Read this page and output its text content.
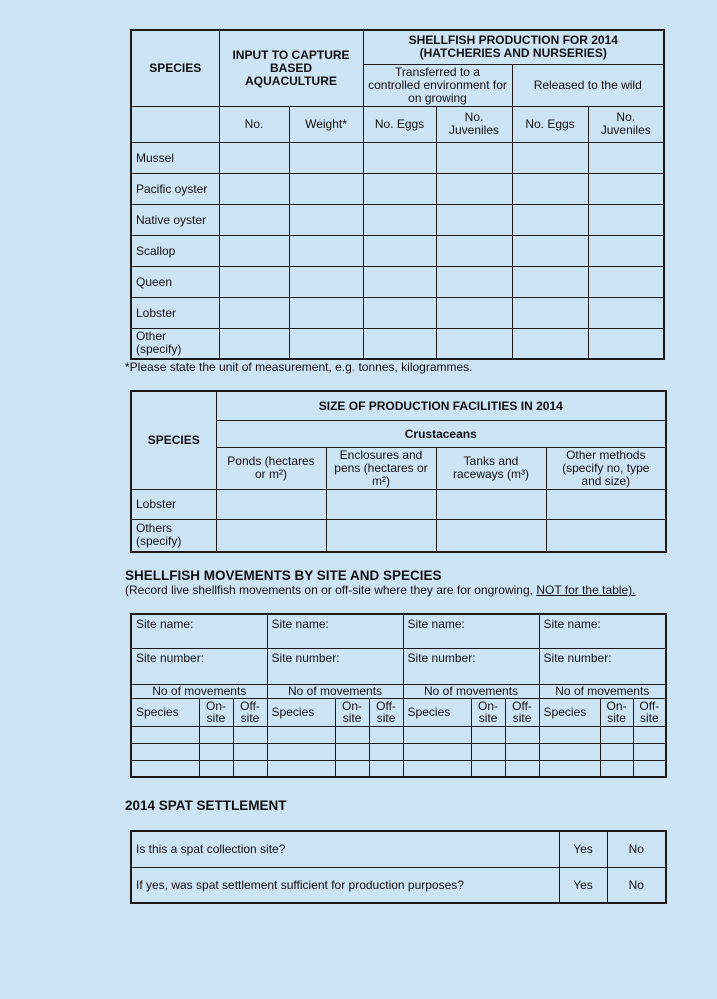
SPECIES	INPUT TO CAPTURE BASED AQUACULTURE		SHELLFISH PRODUCTION FOR 2014
(HATCHERIES AND NURSERIES)			
			Transferred to a controlled environment for on growing		Released to the wild	

	No.	Weight*	No. Eggs	No. Juveniles	No. Eggs	No. Juveniles
Mussel						
Pacific oyster						
Native oyster						
Scallop						
Queen						
Lobster						
Other (specify)						
*Please state the unit of measurement, e.g. tonnes, kilogrammes.
SPECIES	SIZE OF PRODUCTION FACILITIES IN 2014			
	Crustaceans			
	Ponds (hectares or m²)	Enclosures and pens (hectares or m²)	Tanks and raceways (m³)	Other methods (specify no, type and size)
Lobster				
Others (specify)				
SHELLFISH MOVEMENTS BY SITE AND SPECIES
(Record live shellfish movements on or off-site where they are for ongrowing, NOT for the table).
Site name:			Site name:			Site name:			Site name:		
Site number:			Site number:			Site number:			Site number:		
No of movements			No of movements			No of movements			No of movements		
Species	On-site	Off-site	Species	On-site	Off-site	Species	On-site	Off-site	Species	On-site	Off-site

2014 SPAT SETTLEMENT
Is this a spat collection site?	Yes	No
If yes, was spat settlement sufficient for production purposes?	Yes	No
